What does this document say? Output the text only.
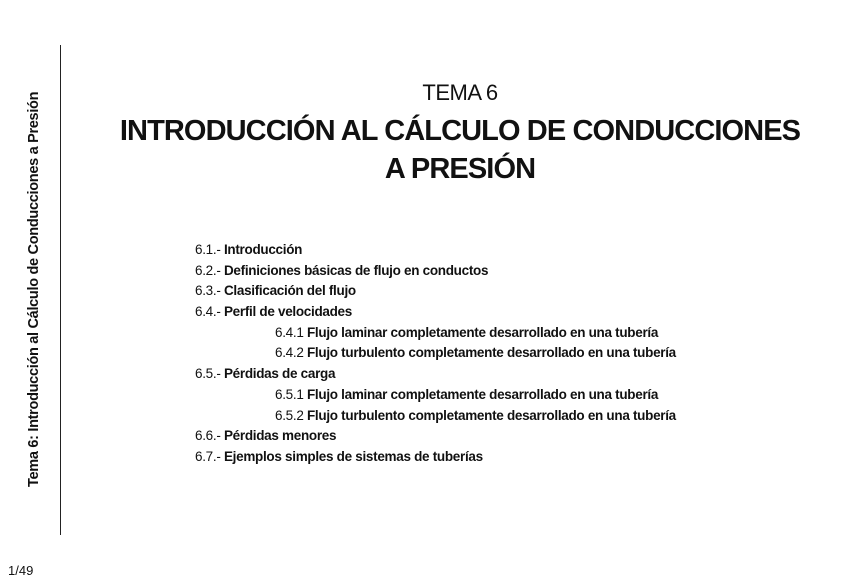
Tema 6: Introducción al Cálculo de Conducciones a Presión
1/49
TEMA 6
INTRODUCCIÓN AL CÁLCULO DE CONDUCCIONES
A PRESIÓN
6.1.- Introducción
6.2.- Definiciones básicas de flujo en conductos
6.3.- Clasificación del flujo
6.4.- Perfil de velocidades
6.4.1 Flujo laminar completamente desarrollado en una tubería
6.4.2 Flujo turbulento completamente desarrollado en una tubería
6.5.- Pérdidas de carga
6.5.1 Flujo laminar completamente desarrollado en una tubería
6.5.2 Flujo turbulento completamente desarrollado en una tubería
6.6.- Pérdidas menores
6.7.- Ejemplos simples de sistemas de tuberías
